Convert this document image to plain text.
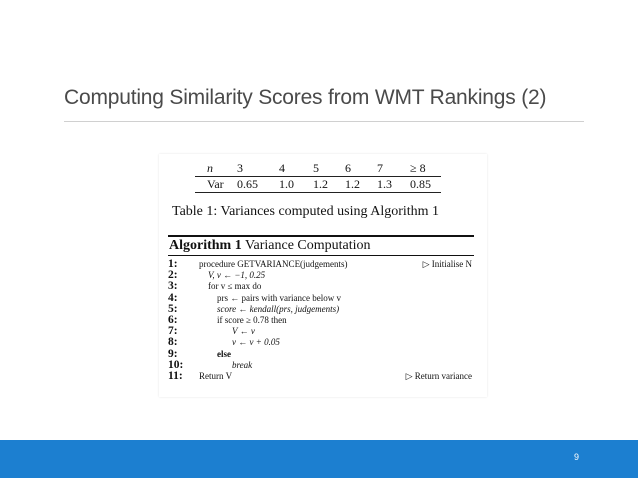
Computing Similarity Scores from WMT Rankings (2)
n 3	4 5 6 7 ≥ 8
Var 0.65 1.0 1.2 1.2 1.3 0.85
Table 1: Variances computed using Algorithm 1
Algorithm 1 Variance Computation
1:	procedure GETVARIANCE(judgements)	▷ Initialise N
2:	V, v ← −1, 0.25
3:	for v ≤ max do
4:	prs ← pairs with variance below v
5:	score ← kendall(prs, judgements)
6:	if score ≥ 0.78 then
7:	V ← v
8:	v ← v + 0.05
9:	else
10:	break
11:	Return V	▷ Return variance
9
